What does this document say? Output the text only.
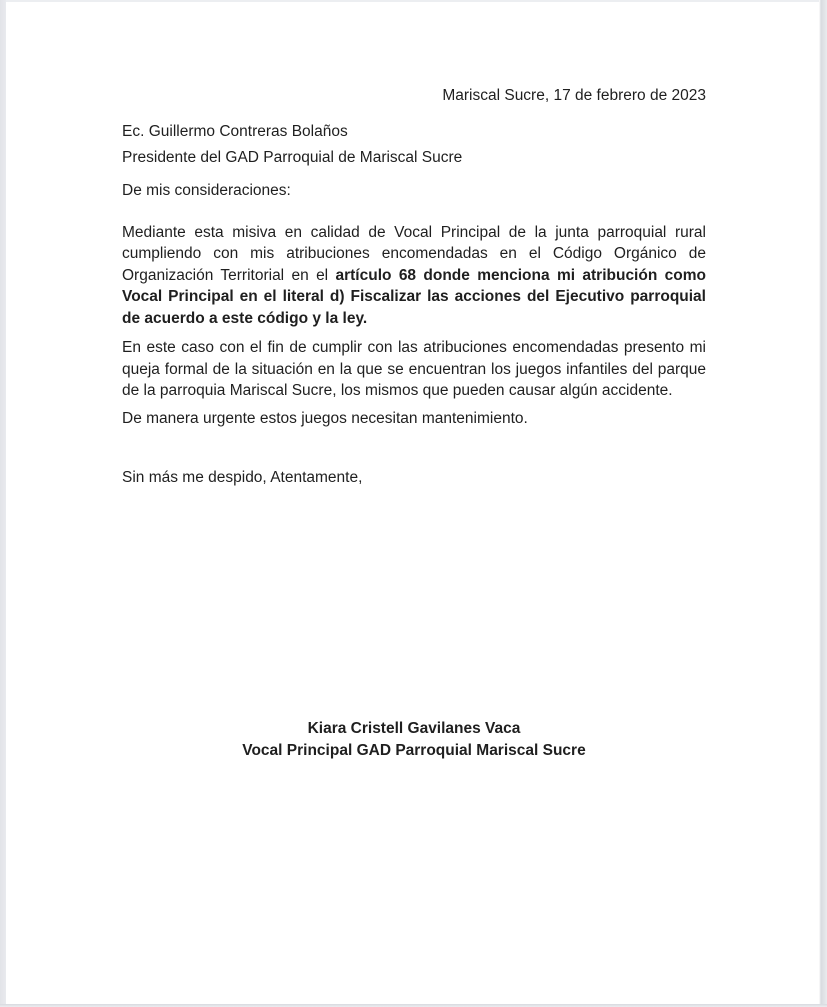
Mariscal Sucre, 17 de febrero de 2023
Ec. Guillermo Contreras Bolaños
Presidente del GAD Parroquial de Mariscal Sucre
De mis consideraciones:

Mediante esta misiva en calidad de Vocal Principal de la junta parroquial rural cumpliendo con mis atribuciones encomendadas en el Código Orgánico de Organización Territorial en el artículo 68 donde menciona mi atribución como Vocal Principal en el literal d) Fiscalizar las acciones del Ejecutivo parroquial de acuerdo a este código y la ley.

En este caso con el fin de cumplir con las atribuciones encomendadas presento mi queja formal de la situación en la que se encuentran los juegos infantiles del parque de la parroquia Mariscal Sucre, los mismos que pueden causar algún accidente.

De manera urgente estos juegos necesitan mantenimiento.

Sin más me despido, Atentamente,
Kiara Cristell Gavilanes Vaca
Vocal Principal GAD Parroquial Mariscal Sucre
